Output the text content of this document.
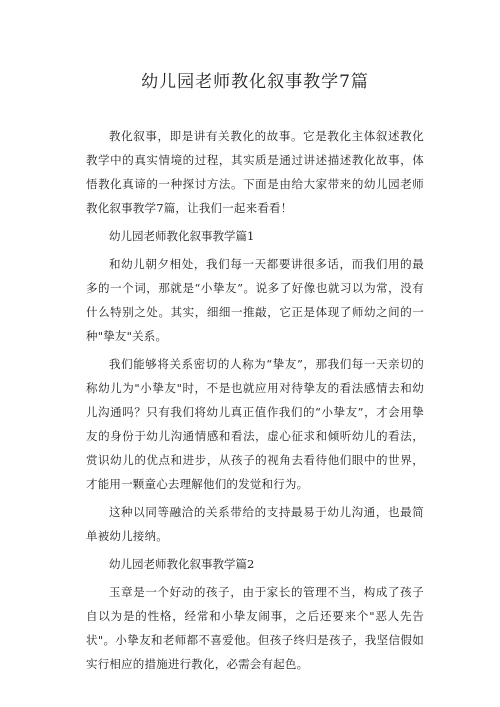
幼儿园老师教化叙事教学7篇

教化叙事，即是讲有关教化的故事。它是教化主体叙述教化教学中的真实情境的过程，其实质是通过讲述描述教化故事，体悟教化真谛的一种探讨方法。下面是由给大家带来的幼儿园老师教化叙事教学7篇，让我们一起来看看！

幼儿园老师教化叙事教学篇1

和幼儿朝夕相处，我们每一天都要讲很多话，而我们用的最多的一个词，那就是“小挚友”。说多了好像也就习以为常，没有什么特别之处。其实，细细一推敲，它正是体现了师幼之间的一种"挚友"关系。

我们能够将关系密切的人称为“挚友”，那我们每一天亲切的称幼儿为"小挚友"时，不是也就应用对待挚友的看法感情去和幼儿沟通吗？只有我们将幼儿真正值作我们的“小挚友”，才会用挚友的身份于幼儿沟通情感和看法，虚心征求和倾听幼儿的看法，赏识幼儿的优点和进步，从孩子的视角去看待他们眼中的世界，才能用一颗童心去理解他们的发觉和行为。

这种以同等融洽的关系带给的支持最易于幼儿沟通，也最简单被幼儿接纳。

幼儿园老师教化叙事教学篇2

玉章是一个好动的孩子，由于家长的管理不当，构成了孩子自以为是的性格，经常和小挚友闹事，之后还要来个"恶人先告状"。小挚友和老师都不喜爱他。但孩子终归是孩子，我坚信假如实行相应的措施进行教化，必需会有起色。
